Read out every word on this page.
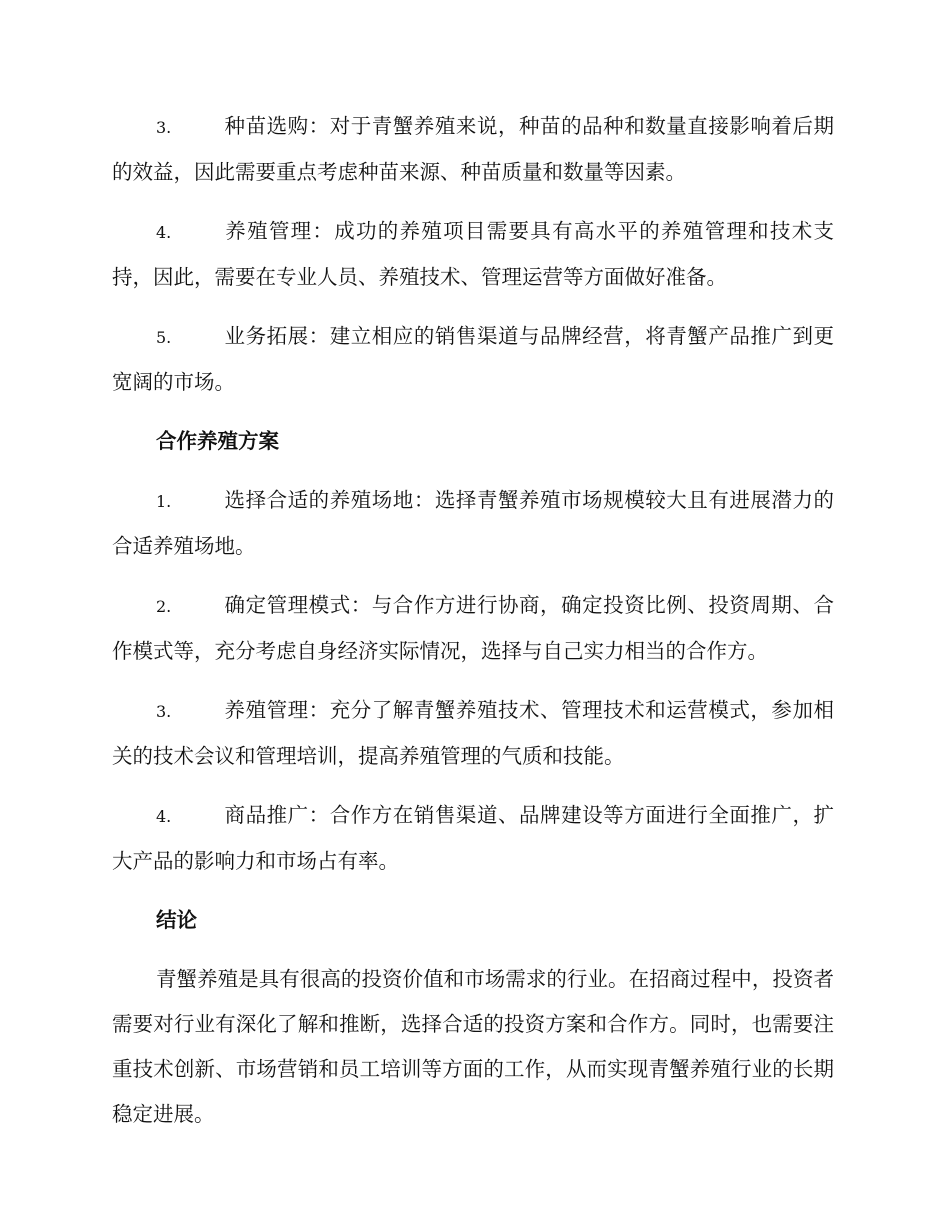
3.	种苗选购：对于青蟹养殖来说，种苗的品种和数量直接影响着后期的效益，因此需要重点考虑种苗来源、种苗质量和数量等因素。

4.	养殖管理：成功的养殖项目需要具有高水平的养殖管理和技术支持，因此，需要在专业人员、养殖技术、管理运营等方面做好准备。

5.	业务拓展：建立相应的销售渠道与品牌经营，将青蟹产品推广到更宽阔的市场。

合作养殖方案

1.	选择合适的养殖场地：选择青蟹养殖市场规模较大且有进展潜力的合适养殖场地。

2.	确定管理模式：与合作方进行协商，确定投资比例、投资周期、合作模式等，充分考虑自身经济实际情况，选择与自己实力相当的合作方。

3.	养殖管理：充分了解青蟹养殖技术、管理技术和运营模式，参加相关的技术会议和管理培训，提高养殖管理的气质和技能。

4.	商品推广：合作方在销售渠道、品牌建设等方面进行全面推广，扩大产品的影响力和市场占有率。

结论

青蟹养殖是具有很高的投资价值和市场需求的行业。在招商过程中，投资者需要对行业有深化了解和推断，选择合适的投资方案和合作方。同时，也需要注重技术创新、市场营销和员工培训等方面的工作，从而实现青蟹养殖行业的长期稳定进展。
